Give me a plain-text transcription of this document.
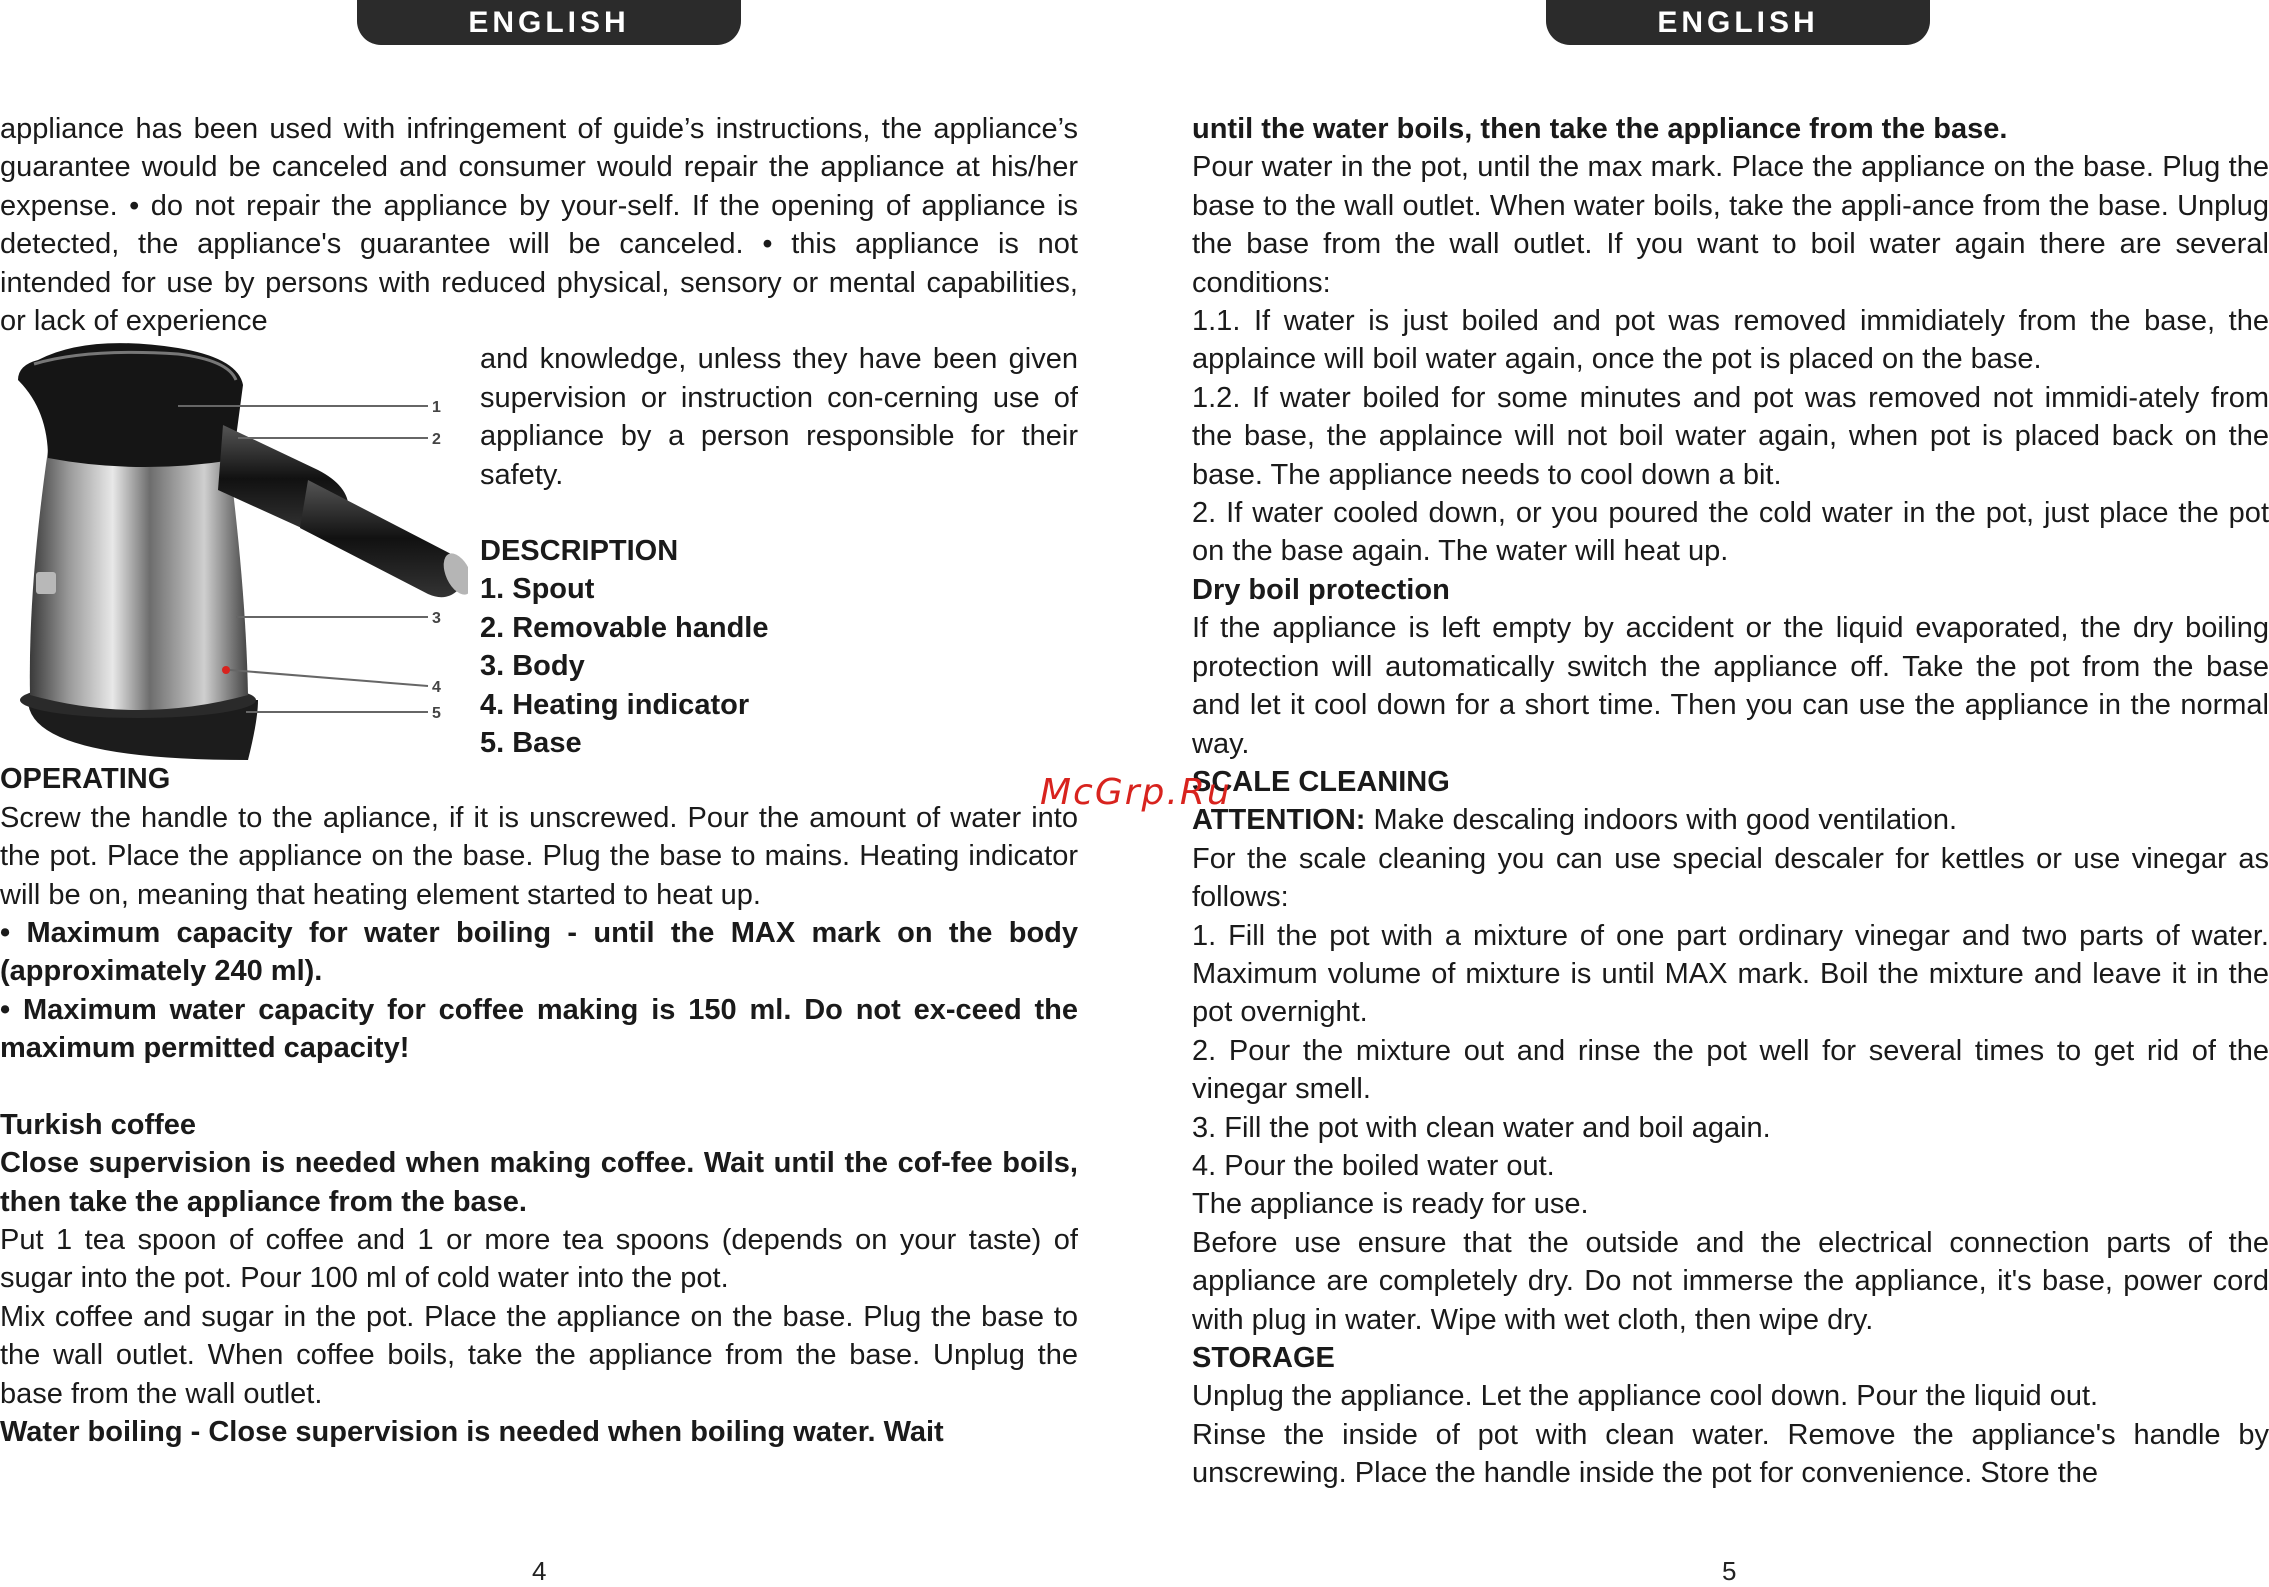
ENGLISH

appliance has been used with infringement of guide’s instructions, the appliance’s guarantee would be canceled and consumer would repair the appliance at his/her expense. • do not repair the appliance by your-self. If the opening of appliance is detected, the appliance's guarantee will be canceled. • this appliance is not intended for use by persons with reduced physical, sensory or mental capabilities, or lack of experience

1
2
3
4
5

and knowledge, unless they have been given supervision or instruction con-cerning use of appliance by a person responsible for their safety.

DESCRIPTION

1. Spout

2. Removable handle

3. Body

4. Heating indicator

5. Base

OPERATING

Screw the handle to the apliance, if it is unscrewed. Pour the amount of water into the pot. Place the appliance on the base. Plug the base to mains. Heating indicator will be on, meaning that heating element started to heat up.

• Maximum capacity for water boiling - until the MAX mark on the body (approximately 240 ml).

• Maximum water capacity for coffee making is 150 ml. Do not ex-ceed the maximum permitted capacity!

Turkish coffee

Close supervision is needed when making coffee. Wait until the cof-fee boils, then take the appliance from the base.

Put 1 tea spoon of coffee and 1 or more tea spoons (depends on your taste) of sugar into the pot. Pour 100 ml of cold water into the pot.

Mix coffee and sugar in the pot. Place the appliance on the base. Plug the base to the wall outlet. When coffee boils, take the appliance from the base. Unplug the base from the wall outlet.

Water boiling - Close supervision is needed when boiling water. Wait

4
ENGLISH

until the water boils, then take the appliance from the base.

Pour water in the pot, until the max mark. Place the appliance on the base. Plug the base to the wall outlet. When water boils, take the appli-ance from the base. Unplug the base from the wall outlet. If you want to boil water again there are several conditions:

1.1. If water is just boiled and pot was removed immidiately from the base, the applaince will boil water again, once the pot is placed on the base.

1.2. If water boiled for some minutes and pot was removed not immidi-ately from the base, the applaince will not boil water again, when pot is placed back on the base. The appliance needs to cool down a bit.

2. If water cooled down, or you poured the cold water in the pot, just place the pot on the base again. The water will heat up.

Dry boil protection

If the appliance is left empty by accident or the liquid evaporated, the dry boiling protection will automatically switch the appliance off. Take the pot from the base and let it cool down for a short time. Then you can use the appliance in the normal way.

SCALE CLEANING

ATTENTION: Make descaling indoors with good ventilation.

For the scale cleaning you can use special descaler for kettles or use vinegar as follows:

1. Fill the pot with a mixture of one part ordinary vinegar and two parts of water. Maximum volume of mixture is until MAX mark. Boil the mixture and leave it in the pot overnight.

2. Pour the mixture out and rinse the pot well for several times to get rid of the vinegar smell.

3. Fill the pot with clean water and boil again.

4. Pour the boiled water out.

The appliance is ready for use.

Before use ensure that the outside and the electrical connection parts of the appliance are completely dry. Do not immerse the appliance, it's base, power cord with plug in water. Wipe with wet cloth, then wipe dry.

STORAGE

Unplug the appliance. Let the appliance cool down. Pour the liquid out.

Rinse the inside of pot with clean water. Remove the appliance's handle by unscrewing. Place the handle inside the pot for convenience. Store the

5
McGrp.Ru
